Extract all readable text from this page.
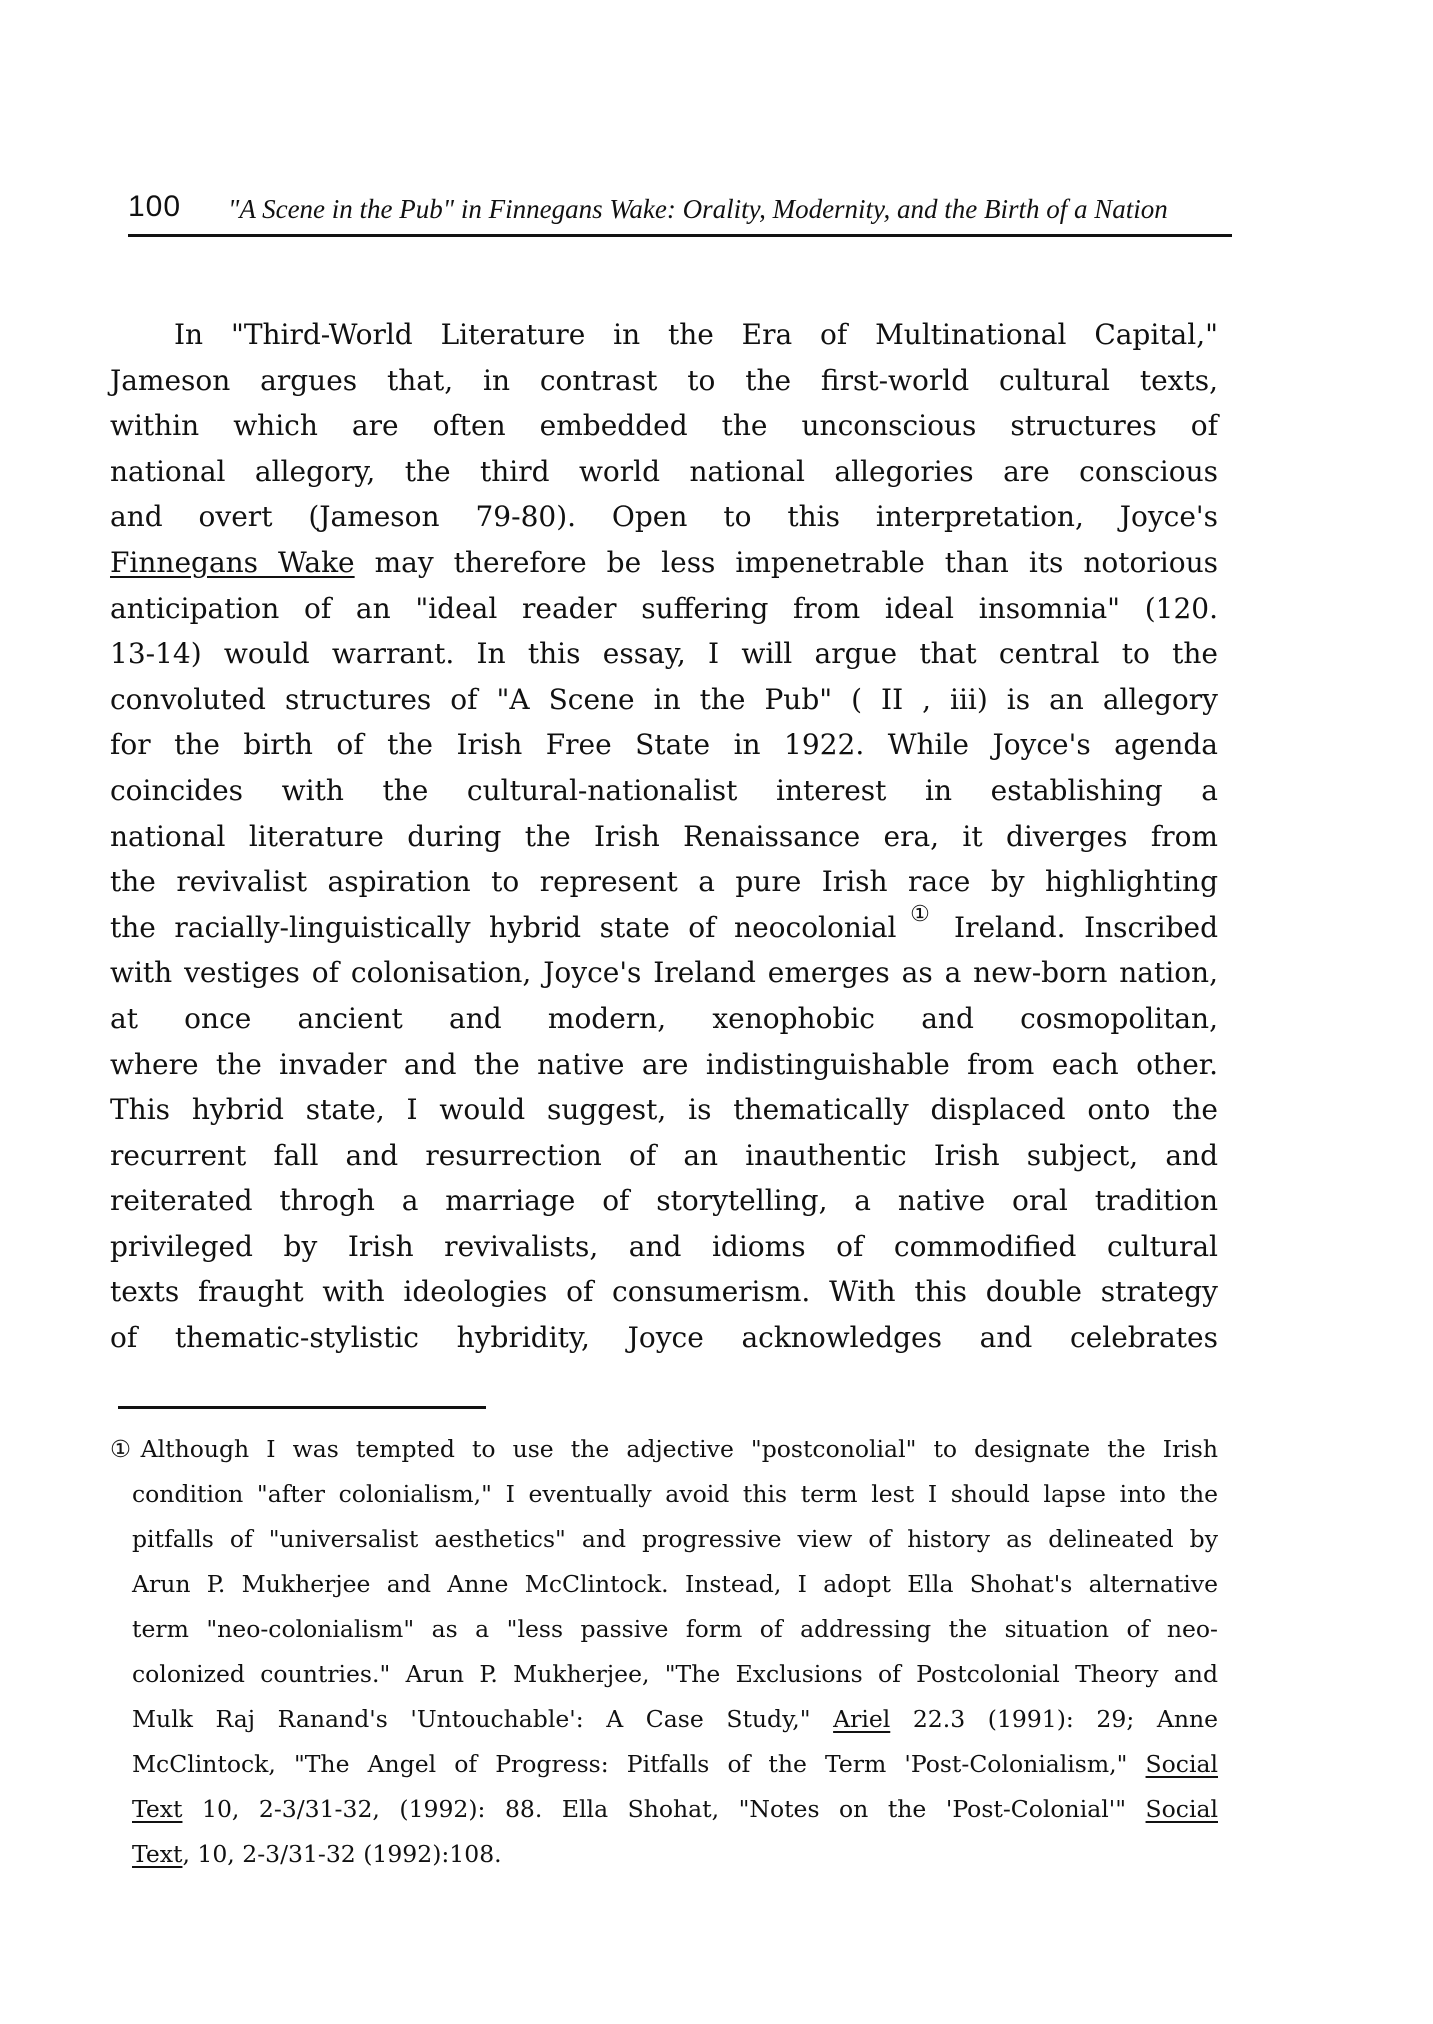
100 "A Scene in the Pub" in Finnegans Wake: Orality, Modernity, and the Birth of a Nation
In "Third-World Literature in the Era of Multinational Capital,"
Jameson argues that, in contrast to the first-world cultural texts,
within which are often embedded the unconscious structures of
national allegory, the third world national allegories are conscious
and overt (Jameson 79-80). Open to this interpretation, Joyce's
Finnegans Wake may therefore be less impenetrable than its notorious
anticipation of an "ideal reader suffering from ideal insomnia" (120.
13-14) would warrant. In this essay, I will argue that central to the
convoluted structures of "A Scene in the Pub" ( II , iii) is an allegory
for the birth of the Irish Free State in 1922. While Joyce's agenda
coincides with the cultural-nationalist interest in establishing a
national literature during the Irish Renaissance era, it diverges from
the revivalist aspiration to represent a pure Irish race by highlighting
the racially-linguistically hybrid state of neocolonial ① Ireland. Inscribed
with vestiges of colonisation, Joyce's Ireland emerges as a new-born nation,
at once ancient and modern, xenophobic and cosmopolitan,
where the invader and the native are indistinguishable from each other.
This hybrid state, I would suggest, is thematically displaced onto the
recurrent fall and resurrection of an inauthentic Irish subject, and
reiterated throgh a marriage of storytelling, a native oral tradition
privileged by Irish revivalists, and idioms of commodified cultural
texts fraught with ideologies of consumerism. With this double strategy
of thematic-stylistic hybridity, Joyce acknowledges and celebrates
①Although I was tempted to use the adjective "postconolial" to designate the Irish
condition "after colonialism," I eventually avoid this term lest I should lapse into the
pitfalls of "universalist aesthetics" and progressive view of history as delineated by
Arun P. Mukherjee and Anne McClintock. Instead, I adopt Ella Shohat's alternative
term "neo-colonialism" as a "less passive form of addressing the situation of neo-
colonized countries." Arun P. Mukherjee, "The Exclusions of Postcolonial Theory and
Mulk Raj Ranand's 'Untouchable': A Case Study," Ariel 22.3 (1991): 29; Anne
McClintock, "The Angel of Progress: Pitfalls of the Term 'Post-Colonialism," Social
Text 10, 2-3/31-32, (1992): 88. Ella Shohat, "Notes on the 'Post-Colonial'" Social
Text, 10, 2-3/31-32 (1992):108.
